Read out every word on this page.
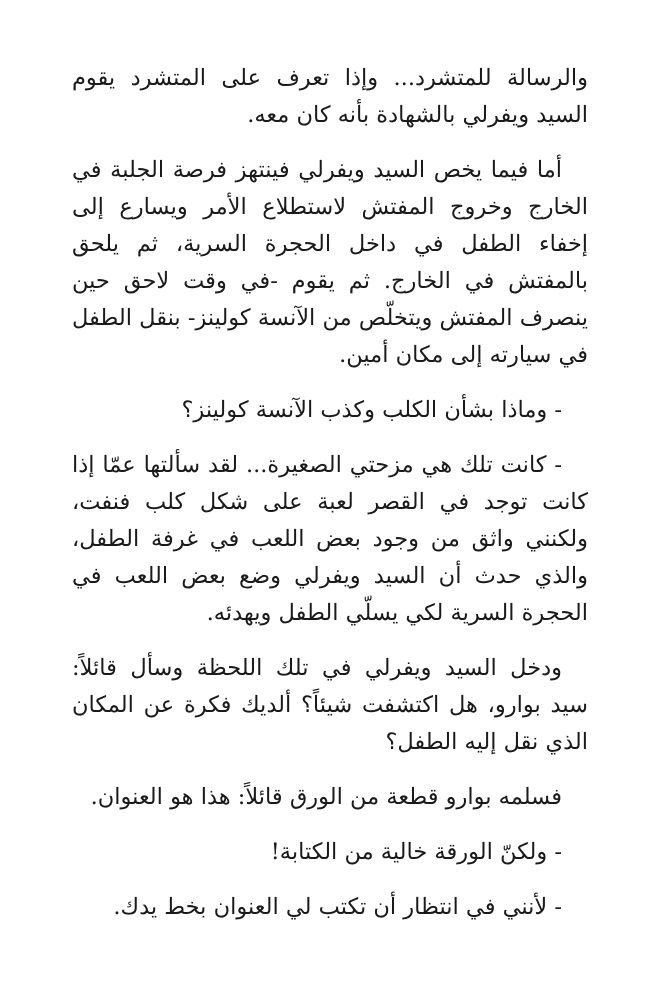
والرسالة للمتشرد... وإذا تعرف على المتشرد يقوم السيد ويفرلي بالشهادة بأنه كان معه.

أما فيما يخص السيد ويفرلي فينتهز فرصة الجلبة في الخارج وخروج المفتش لاستطلاع الأمر ويسارع إلى إخفاء الطفل في داخل الحجرة السرية، ثم يلحق بالمفتش في الخارج. ثم يقوم -في وقت لاحق حين ينصرف المفتش ويتخلّص من الآنسة كولينز- بنقل الطفل في سيارته إلى مكان أمين.

- وماذا بشأن الكلب وكذب الآنسة كولينز؟

- كانت تلك هي مزحتي الصغيرة... لقد سألتها عمّا إذا كانت توجد في القصر لعبة على شكل كلب فنفت، ولكنني واثق من وجود بعض اللعب في غرفة الطفل، والذي حدث أن السيد ويفرلي وضع بعض اللعب في الحجرة السرية لكي يسلّي الطفل ويهدئه.

ودخل السيد ويفرلي في تلك اللحظة وسأل قائلاً: سيد بوارو، هل اكتشفت شيئاً؟ ألديك فكرة عن المكان الذي نقل إليه الطفل؟

فسلمه بوارو قطعة من الورق قائلاً: هذا هو العنوان.

- ولكنّ الورقة خالية من الكتابة!

- لأنني في انتظار أن تكتب لي العنوان بخط يدك.
